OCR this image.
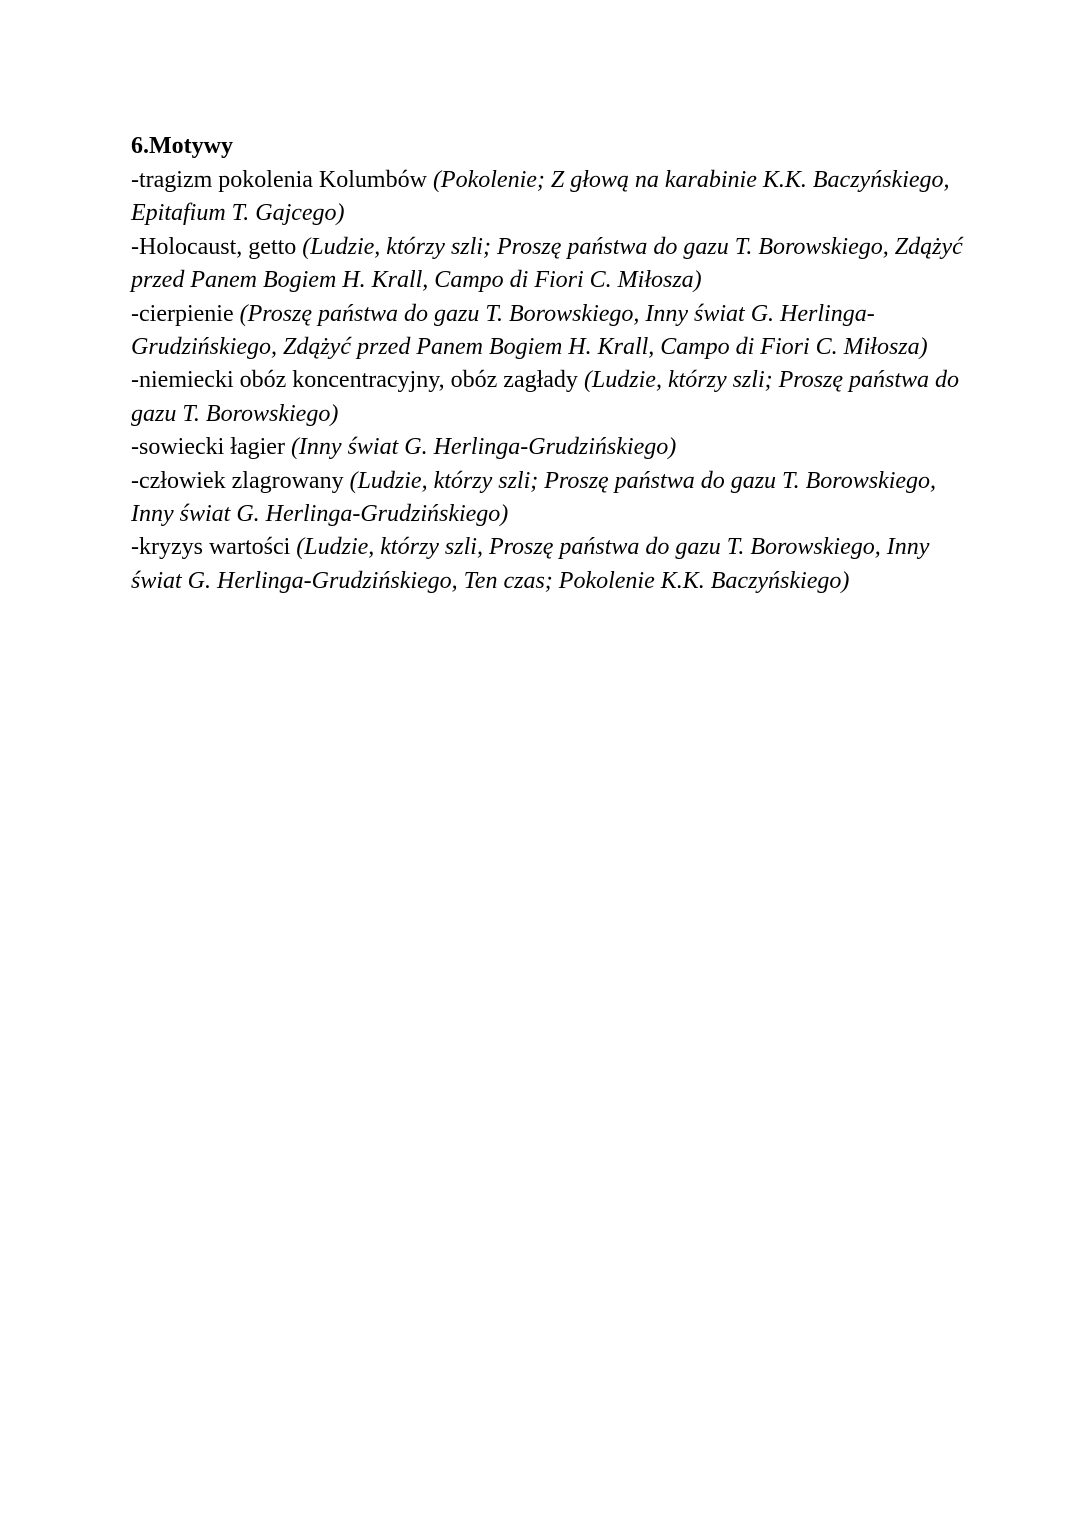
6.Motywy

-tragizm pokolenia Kolumbów (Pokolenie; Z głową na karabinie K.K. Baczyńskiego, Epitafium T. Gajcego)

-Holocaust, getto (Ludzie, którzy szli; Proszę państwa do gazu T. Borowskiego, Zdążyć przed Panem Bogiem H. Krall, Campo di Fiori C. Miłosza)

-cierpienie (Proszę państwa do gazu T. Borowskiego, Inny świat G. Herlinga-Grudzińskiego, Zdążyć przed Panem Bogiem H. Krall, Campo di Fiori C. Miłosza)

-niemiecki obóz koncentracyjny, obóz zagłady (Ludzie, którzy szli; Proszę państwa do gazu T. Borowskiego)

-sowiecki łagier (Inny świat G. Herlinga-Grudzińskiego)

-człowiek zlagrowany (Ludzie, którzy szli; Proszę państwa do gazu T. Borowskiego, Inny świat G. Herlinga-Grudzińskiego)

-kryzys wartości (Ludzie, którzy szli, Proszę państwa do gazu T. Borowskiego, Inny świat G. Herlinga-Grudzińskiego, Ten czas; Pokolenie K.K. Baczyńskiego)
